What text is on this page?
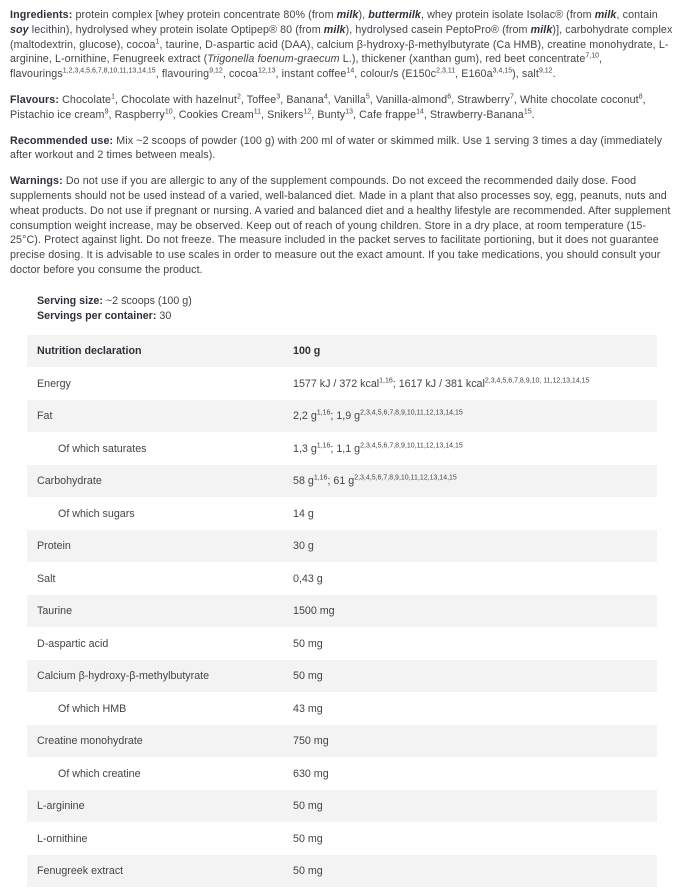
Ingredients: protein complex [whey protein concentrate 80% (from milk), buttermilk, whey protein isolate Isolac® (from milk, contain soy lecithin), hydrolysed whey protein isolate Optipep® 80 (from milk), hydrolysed casein PeptoPro® (from milk)], carbohydrate complex (maltodextrin, glucose), cocoa$^1$, taurine, D-aspartic acid (DAA), calcium β-hydroxy-β-methylbutyrate (Ca HMB), creatine monohydrate, L-arginine, L-ornithine, Fenugreek extract (Trigonella foenum-graecum L.), thickener (xanthan gum), red beet concentrate$^{7,10}$, flavourings$^{1,2,3,4,5,6,7,8,10,11,13,14,15}$, flavouring$^{9,12}$, cocoa$^{12,13}$, instant coffee$^{14}$, colour/s ($E150c^{2,3,11}$, $E160a^{3,4,15}$), salt$^{9,12}$.

Flavours: Chocolate$^1$, Chocolate with hazelnut$^2$, Toffee$^3$, Banana$^4$, Vanilla$^5$, Vanilla-almond$^6$, Strawberry$^7$, White chocolate coconut$^8$, Pistachio ice cream$^9$, Raspberry$^{10}$, Cookies Cream$^{11}$, Snikers$^{12}$, Bunty$^{13}$, Cafe frappe$^{14}$, Strawberry-Banana$^{15}$.

Recommended use: Mix ~2 scoops of powder (100 g) with 200 ml of water or skimmed milk. Use 1 serving 3 times a day (immediately after workout and 2 times between meals).

Warnings: Do not use if you are allergic to any of the supplement compounds. Do not exceed the recommended daily dose. Food supplements should not be used instead of a varied, well-balanced diet. Made in a plant that also processes soy, egg, peanuts, nuts and wheat products. Do not use if pregnant or nursing. A varied and balanced diet and a healthy lifestyle are recommended. After supplement consumption weight increase, may be observed. Keep out of reach of young children. Store in a dry place, at room temperature (15-25°C). Protect against light. Do not freeze. The measure included in the packet serves to facilitate portioning, but it does not guarantee precise dosing. It is advisable to use scales in order to measure out the exact amount. If you take medications, you should consult your doctor before you consume the product.

Serving size: ~2 scoops (100 g)
Servings per container: 30
Nutrition declaration	100 g
Energy	1577 kJ / 372 kcal$^{1,16}$; 1617 kJ / 381 kcal$^{2,3,4,5,6,7,8,9,10, 11,12,13,14,15}$
Fat	2,2 $g^{1,16}$; 1,9 $g^{2,3,4,5,6,7,8,9,10,11,12,13,14,15}$
Of which saturates	1,3 $g^{1,16}$; 1,1 $g^{2,3,4,5,6,7,8,9,10,11,12,13,14,15}$
Carbohydrate	58 $g^{1,16}$; 61 $g^{2,3,4,5,6,7,8,9,10,11,12,13,14,15}$
Of which sugars	14 g
Protein	30 g
Salt	0,43 g
Taurine	1500 mg
D-aspartic acid	50 mg
Calcium β-hydroxy-β-methylbutyrate	50 mg
Of which HMB	43 mg
Creatine monohydrate	750 mg
Of which creatine	630 mg
L-arginine	50 mg
L-ornithine	50 mg
Fenugreek extract	50 mg
